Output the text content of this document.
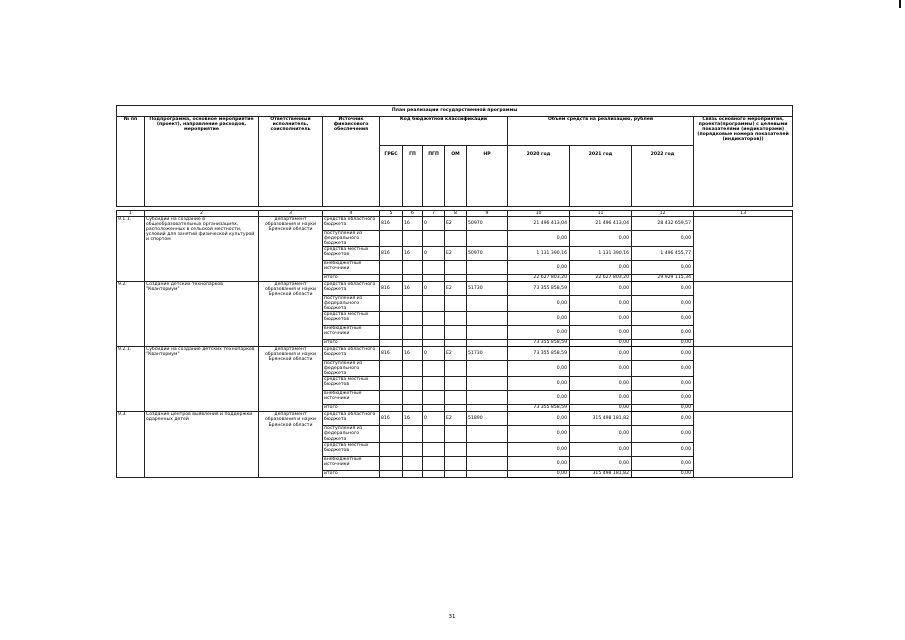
План реализации государственной программы												
№ пп	Подпрограмма, основное мероприятие (проект), направление расходов, мероприятие	Ответственный исполнитель, соисполнитель	Источник финансового обеспечения	Код бюджетной классификации					Объём средств на реализацию, рублей			Связь основного мероприятия, проекта(программы) с целевыми показателями (индикаторами) (порядковые номера показателей (индикаторов))
				ГРБС	ГП	ПГП	ОМ	НР	2020 год	2021 год	2022 год	

1	2	3	4	5	6	7	8	9	10	11	12	13
9.1.1.	Субсидии на создание в общеобразовательных организациях, расположенных в сельской местности, условий для занятий физической культурой и спортом	департамент образования и науки Брянской области	средства областного бюджета	816	16	0	Е2	50970	21 496 413,04	21 496 413,04	28 432 659,57	
			поступления из федерального бюджета						0,00	0,00	0,00	
			средства местных бюджетов	816	16	0	Е2	50970	1 131 390,16	1 131 390,16	1 496 455,77	
			внебюджетные источники						0,00	0,00	0,00	
			итого						22 627 803,20	22 627 803,20	29 929 115,34	
9.2.	Создание детских технопарков "Кванториум"	департамент образования и науки Брянской области	средства областного бюджета	816	16	0	Е2	51730	73 355 858,59	0,00	0,00	
			поступления из федерального бюджета						0,00	0,00	0,00	
			средства местных бюджетов						0,00	0,00	0,00	
			внебюджетные источники						0,00	0,00	0,00	
			итого						73 355 858,59	0,00	0,00	
9.2.1.	Субсидии на создание детских технопарков "Кванториум"	департамент образования и науки Брянской области	средства областного бюджета	816	16	0	Е2	51730	73 355 858,59	0,00	0,00	
			поступления из федерального бюджета						0,00	0,00	0,00	
			средства местных бюджетов						0,00	0,00	0,00	
			внебюджетные источники						0,00	0,00	0,00	
			итого						73 355 858,59	0,00	0,00	
9.3.	Создание центров выявления и поддержки одаренных детей	департамент образования и науки Брянской области	средства областного бюджета	816	16	0	Е2	51890	0,00	315 498 181,82	0,00	
			поступления из федерального бюджета						0,00	0,00	0,00	
			средства местных бюджетов						0,00	0,00	0,00	
			внебюджетные источники						0,00	0,00	0,00	
			итого						0,00	315 498 181,82	0,00	
31
